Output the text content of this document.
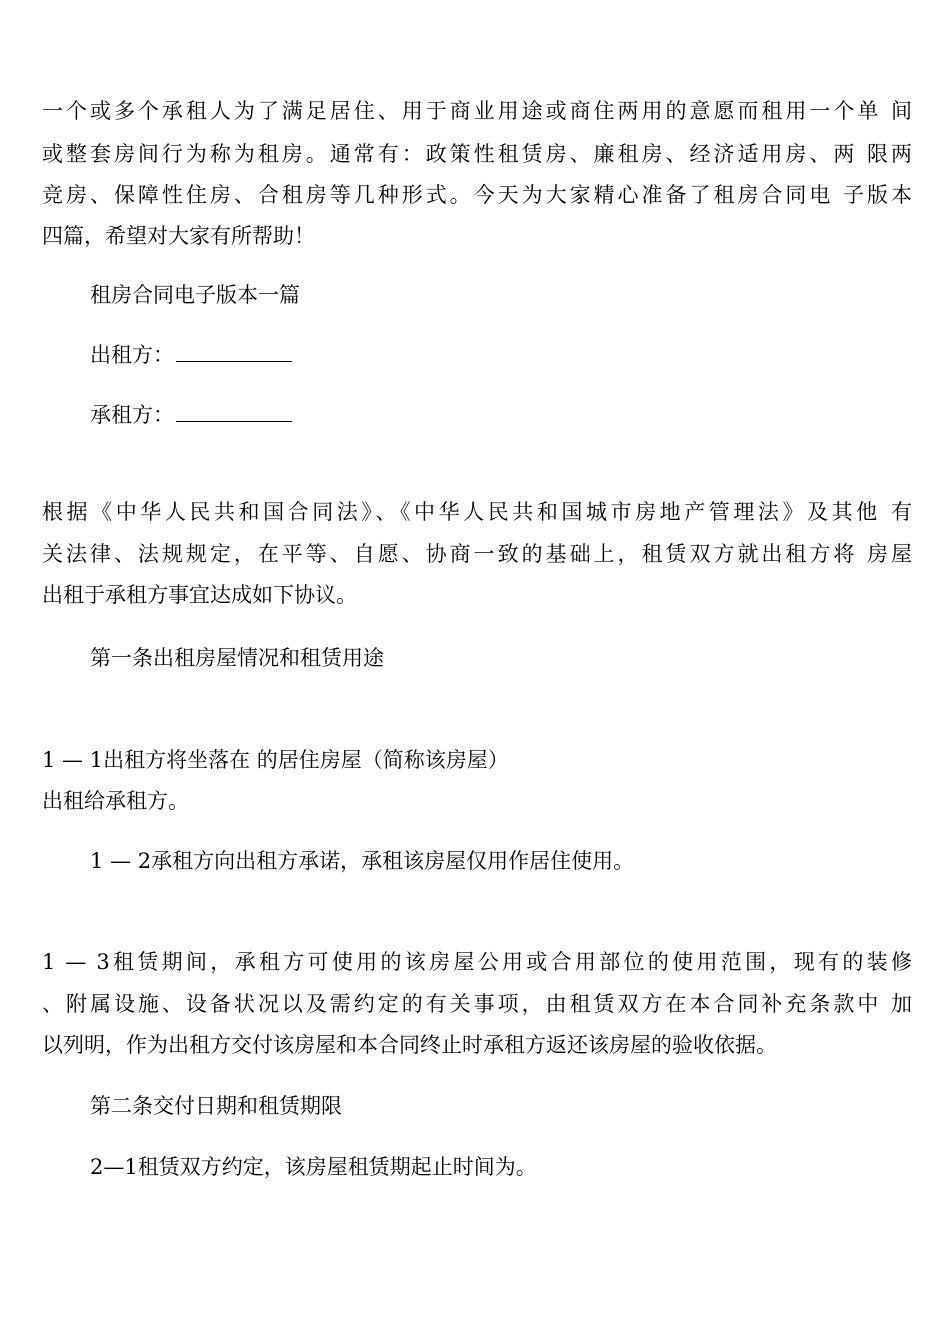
一个或多个承租人为了满足居住、用于商业用途或商住两用的意愿而租用一个单 间
或整套房间行为称为租房。通常有：政策性租赁房、廉租房、经济适用房、两 限两
竞房、保障性住房、合租房等几种形式。今天为大家精心准备了租房合同电 子版本
四篇，希望对大家有所帮助！
租房合同电子版本一篇
出租方：
承租方：
根据《中华人民共和国合同法》、《中华人民共和国城市房地产管理法》及其他 有
关法律、法规规定，在平等、自愿、协商一致的基础上，租赁双方就出租方将 房屋
出租于承租方事宜达成如下协议。
第一条出租房屋情况和租赁用途
1 — 1出租方将坐落在 的居住房屋（简称该房屋）
出租给承租方。
1 — 2承租方向出租方承诺，承租该房屋仅用作居住使用。
1 — 3租赁期间，承租方可使用的该房屋公用或合用部位的使用范围，现有的装修
、附属设施、设备状况以及需约定的有关事项，由租赁双方在本合同补充条款中 加
以列明，作为出租方交付该房屋和本合同终止时承租方返还该房屋的验收依据。
第二条交付日期和租赁期限
2—1租赁双方约定，该房屋租赁期起止时间为。
